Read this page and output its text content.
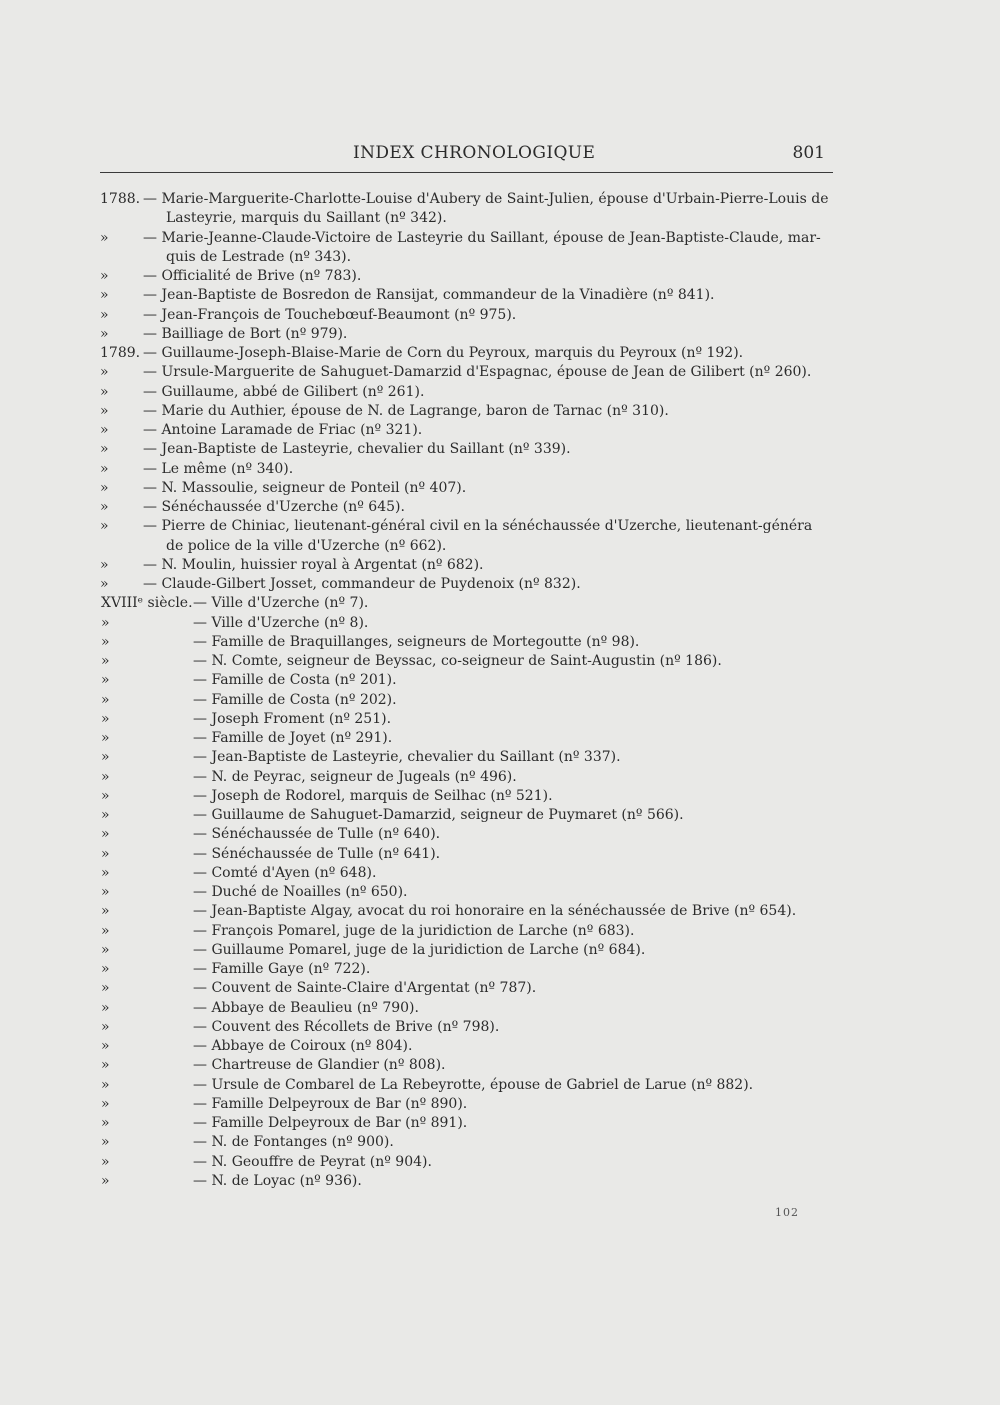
INDEX CHRONOLOGIQUE	801
1788. — Marie-Marguerite-Charlotte-Louise d'Aubery de Saint-Julien, épouse d'Urbain-Pierre-Louis de
Lasteyrie, marquis du Saillant (nº 342).
» — Marie-Jeanne-Claude-Victoire de Lasteyrie du Saillant, épouse de Jean-Baptiste-Claude, mar-
quis de Lestrade (nº 343).
» — Officialité de Brive (nº 783).
» — Jean-Baptiste de Bosredon de Ransijat, commandeur de la Vinadière (nº 841).
» — Jean-François de Touchebœuf-Beaumont (nº 975).
» — Bailliage de Bort (nº 979).
1789. — Guillaume-Joseph-Blaise-Marie de Corn du Peyroux, marquis du Peyroux (nº 192).
» — Ursule-Marguerite de Sahuguet-Damarzid d'Espagnac, épouse de Jean de Gilibert (nº 260).
» — Guillaume, abbé de Gilibert (nº 261).
» — Marie du Authier, épouse de N. de Lagrange, baron de Tarnac (nº 310).
» — Antoine Laramade de Friac (nº 321).
» — Jean-Baptiste de Lasteyrie, chevalier du Saillant (nº 339).
» — Le même (nº 340).
» — N. Massoulie, seigneur de Ponteil (nº 407).
» — Sénéchaussée d'Uzerche (nº 645).
» — Pierre de Chiniac, lieutenant-général civil en la sénéchaussée d'Uzerche, lieutenant-généra
de police de la ville d'Uzerche (nº 662).
» — N. Moulin, huissier royal à Argentat (nº 682).
» — Claude-Gilbert Josset, commandeur de Puydenoix (nº 832).
XVIIIᵉ siècle. — Ville d'Uzerche (nº 7).
»	— Ville d'Uzerche (nº 8).
»	— Famille de Braquillanges, seigneurs de Mortegoutte (nº 98).
»	— N. Comte, seigneur de Beyssac, co-seigneur de Saint-Augustin (nº 186).
»	— Famille de Costa (nº 201).
»	— Famille de Costa (nº 202).
»	— Joseph Froment (nº 251).
»	— Famille de Joyet (nº 291).
»	— Jean-Baptiste de Lasteyrie, chevalier du Saillant (nº 337).
»	— N. de Peyrac, seigneur de Jugeals (nº 496).
»	— Joseph de Rodorel, marquis de Seilhac (nº 521).
»	— Guillaume de Sahuguet-Damarzid, seigneur de Puymaret (nº 566).
»	— Sénéchaussée de Tulle (nº 640).
»	— Sénéchaussée de Tulle (nº 641).
»	— Comté d'Ayen (nº 648).
»	— Duché de Noailles (nº 650).
»	— Jean-Baptiste Algay, avocat du roi honoraire en la sénéchaussée de Brive (nº 654).
»	— François Pomarel, juge de la juridiction de Larche (nº 683).
»	— Guillaume Pomarel, juge de la juridiction de Larche (nº 684).
»	— Famille Gaye (nº 722).
»	— Couvent de Sainte-Claire d'Argentat (nº 787).
»	— Abbaye de Beaulieu (nº 790).
»	— Couvent des Récollets de Brive (nº 798).
»	— Abbaye de Coiroux (nº 804).
»	— Chartreuse de Glandier (nº 808).
»	— Ursule de Combarel de La Rebeyrotte, épouse de Gabriel de Larue (nº 882).
»	— Famille Delpeyroux de Bar (nº 890).
»	— Famille Delpeyroux de Bar (nº 891).
»	— N. de Fontanges (nº 900).
»	— N. Geouffre de Peyrat (nº 904).
»	— N. de Loyac (nº 936).
102
